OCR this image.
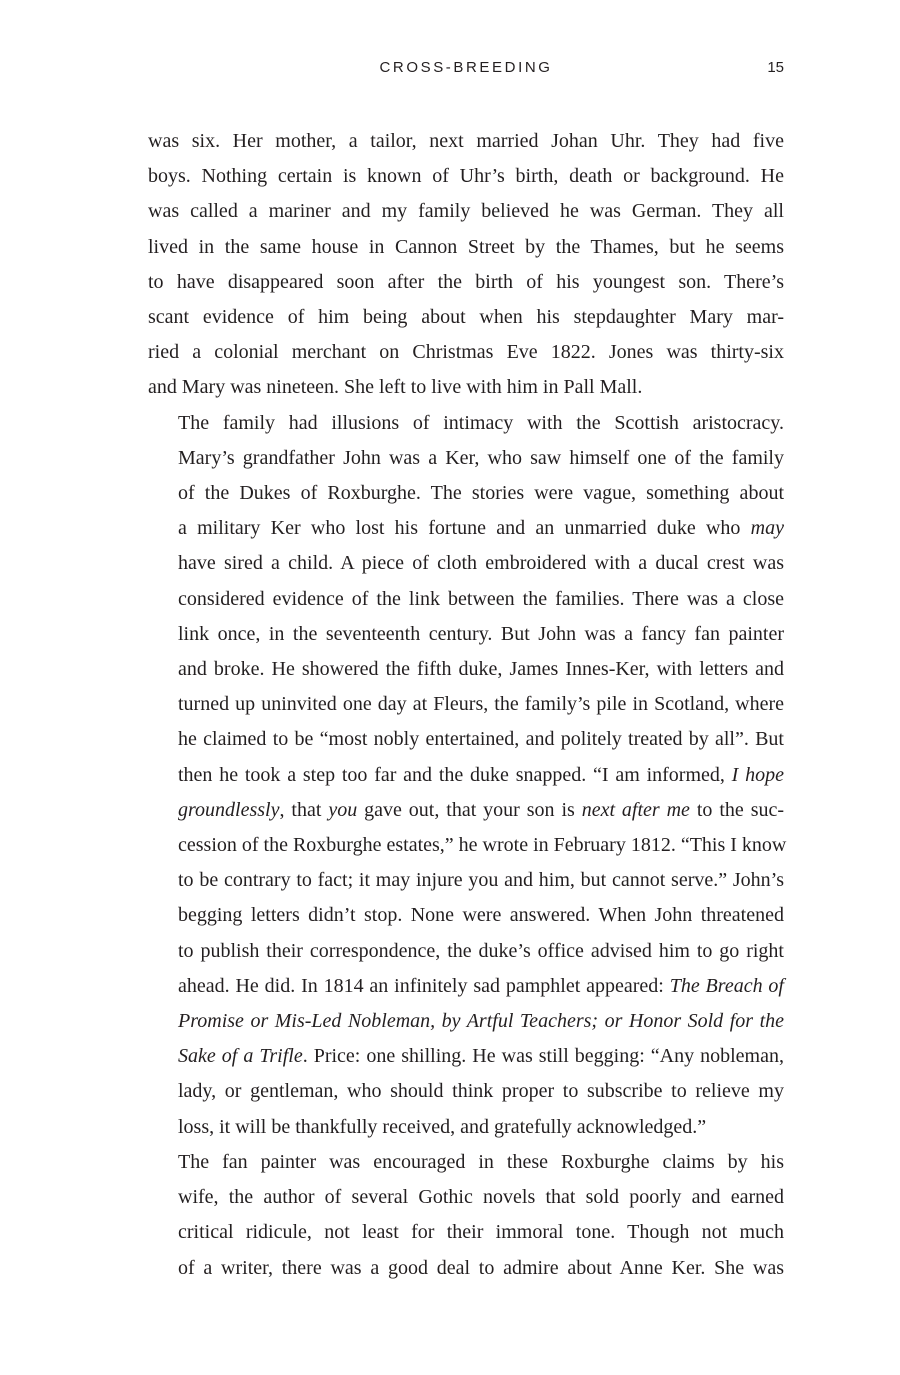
CROSS-BREEDING	15

was six. Her mother, a tailor, next married Johan Uhr. They had five
boys. Nothing certain is known of Uhr’s birth, death or background. He
was called a mariner and my family believed he was German. They all
lived in the same house in Cannon Street by the Thames, but he seems
to have disappeared soon after the birth of his youngest son. There’s
scant evidence of him being about when his stepdaughter Mary mar-
ried a colonial merchant on Christmas Eve 1822. Jones was thirty-six
and Mary was nineteen. She left to live with him in Pall Mall.

The family had illusions of intimacy with the Scottish aristocracy.
Mary’s grandfather John was a Ker, who saw himself one of the family
of the Dukes of Roxburghe. The stories were vague, something about
a military Ker who lost his fortune and an unmarried duke who may
have sired a child. A piece of cloth embroidered with a ducal crest was
considered evidence of the link between the families. There was a close
link once, in the seventeenth century. But John was a fancy fan painter
and broke. He showered the fifth duke, James Innes-Ker, with letters and
turned up uninvited one day at Fleurs, the family’s pile in Scotland, where
he claimed to be “most nobly entertained, and politely treated by all”. But
then he took a step too far and the duke snapped. “I am informed, I hope
groundlessly, that you gave out, that your son is next after me to the suc-
cession of the Roxburghe estates,” he wrote in February 1812. “This I know
to be contrary to fact; it may injure you and him, but cannot serve.” John’s
begging letters didn’t stop. None were answered. When John threatened
to publish their correspondence, the duke’s office advised him to go right
ahead. He did. In 1814 an infinitely sad pamphlet appeared: The Breach of
Promise or Mis-Led Nobleman, by Artful Teachers; or Honor Sold for the
Sake of a Trifle. Price: one shilling. He was still begging: “Any nobleman,
lady, or gentleman, who should think proper to subscribe to relieve my
loss, it will be thankfully received, and gratefully acknowledged.”

The fan painter was encouraged in these Roxburghe claims by his
wife, the author of several Gothic novels that sold poorly and earned
critical ridicule, not least for their immoral tone. Though not much
of a writer, there was a good deal to admire about Anne Ker. She was
